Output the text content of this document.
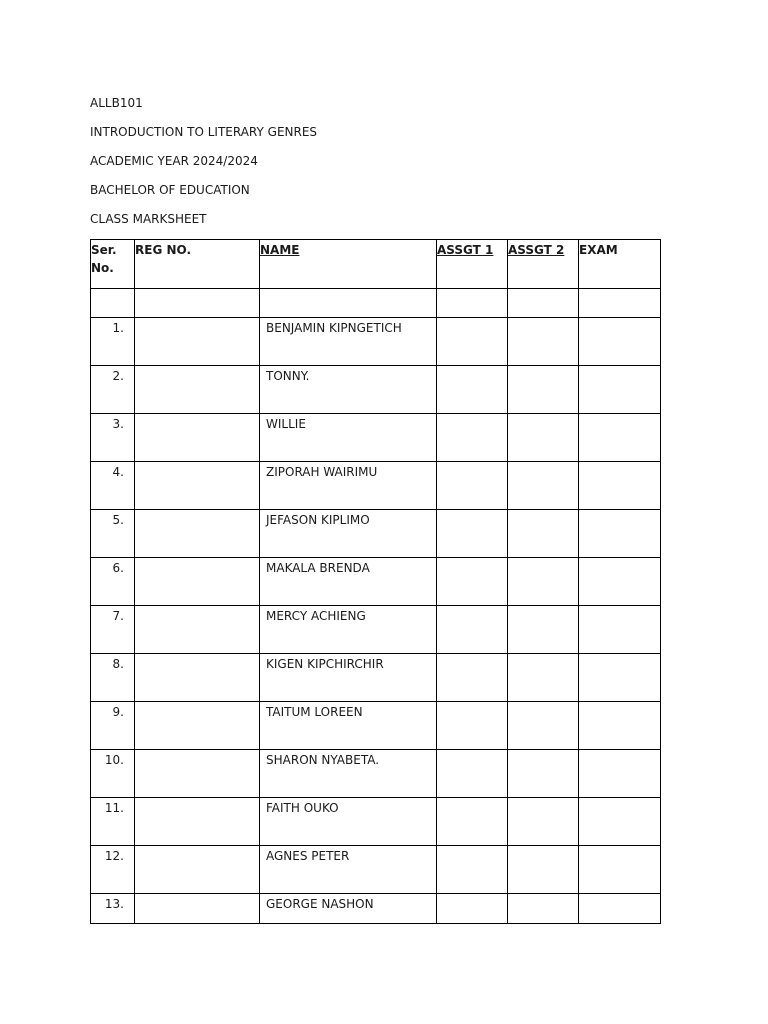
ALLB101

INTRODUCTION TO LITERARY GENRES

ACADEMIC YEAR 2024/2024

BACHELOR OF EDUCATION

CLASS MARKSHEET

Ser.
No.	REG NO.	NAME	ASSGT 1	ASSGT 2	EXAM

1.		BENJAMIN KIPNGETICH			
2.		TONNY.			
3.		WILLIE			
4.		ZIPORAH WAIRIMU			
5.		JEFASON KIPLIMO			
6.		MAKALA BRENDA			
7.		MERCY ACHIENG			
8.		KIGEN KIPCHIRCHIR			
9.		TAITUM LOREEN			
10.		SHARON NYABETA.			
11.		FAITH OUKO			
12.		AGNES PETER			
13.		GEORGE NASHON			
